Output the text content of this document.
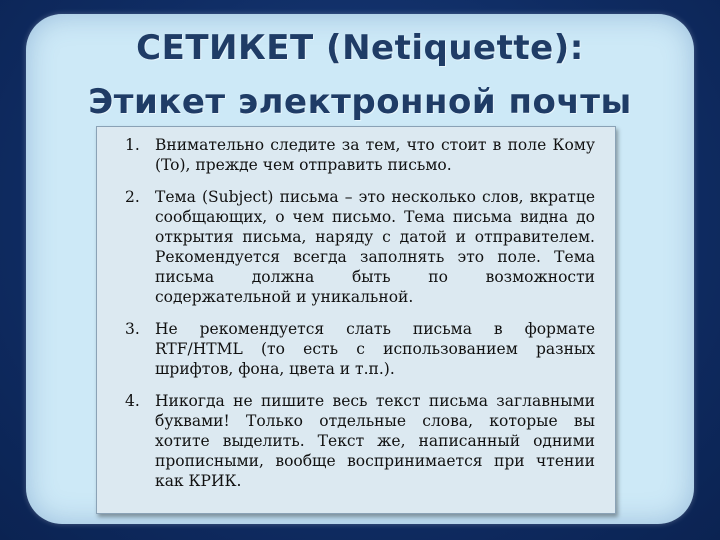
СЕТИКЕТ (Netiquette):
Этикет электронной почты
1. Внимательно следите за тем, что стоит в поле Кому (To), прежде чем отправить письмо.
2. Тема (Subject) письма – это несколько слов, вкратце сообщающих, о чем письмо. Тема письма видна до открытия письма, наряду с датой и отправителем. Рекомендуется всегда заполнять это поле. Тема письма должна быть по возможности содержательной и уникальной.
3. Не рекомендуется слать письма в формате RTF/HTML (то есть с использованием разных шрифтов, фона, цвета и т.п.).
4. Никогда не пишите весь текст письма заглавными буквами! Только отдельные слова, которые вы хотите выделить. Текст же, написанный одними прописными, вообще воспринимается при чтении как КРИК.
